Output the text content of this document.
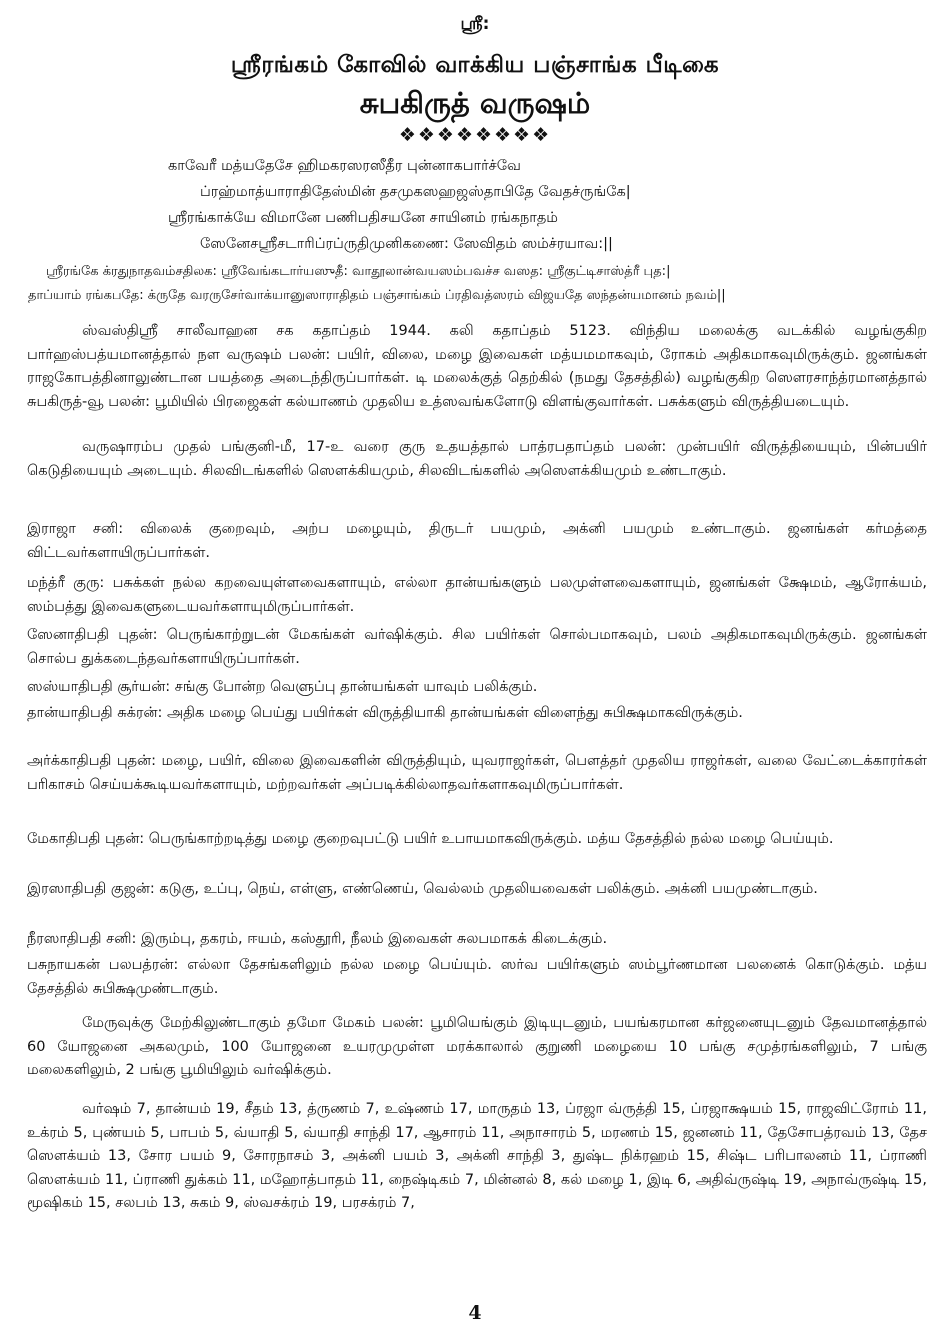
ஸ்ரீ:
ஸ்ரீரங்கம் கோவில் வாக்கிய பஞ்சாங்க பீடிகை
சுபகிருத் வருஷம்
❖❖❖❖❖❖❖❖
காவேரீ மத்யதேசே ஹிமகரஸரஸீதீர புன்னாகபார்ச்வே
ப்ரஹ்மாத்யாராதிதேஸ்மின் தசமுகஸஹஜஸ்தாபிதே வேதச்ருங்கே|
ஸ்ரீரங்காக்யே விமானே பணிபதிசயனே சாயினம் ரங்கநாதம்
ஸேனேசஸ்ரீசடாரிப்ரப்ருதிமுனிகணை: ஸேவிதம் ஸம்ச்ரயாவ:||
ஸ்ரீரங்கே க்ரதுநாதவம்சதிலக: ஸ்ரீவேங்கடார்யஸுதீ: வாதூலான்வயஸம்பவச்ச வஸத: ஸ்ரீகுட்டிசாஸ்த்ரீ புத:|
தாப்யாம் ரங்கபதே: க்ருதே வரருசேர்வாக்யானுஸாராதிதம் பஞ்சாங்கம் ப்ரதிவத்ஸரம் விஜயதே ஸந்தன்யமானம் நவம்||
ஸ்வஸ்திஸ்ரீ சாலீவாஹன சக கதாப்தம் 1944. கலி கதாப்தம் 5123. விந்திய மலைக்கு வடக்கில் வழங்குகிற பார்ஹஸ்பத்யமானத்தால் நள வருஷம் பலன்: பயிர், விலை, மழை இவைகள் மத்யமமாகவும், ரோகம் அதிகமாகவுமிருக்கும். ஜனங்கள் ராஜகோபத்தினாலுண்டான பயத்தை அடைந்திருப்பார்கள். டி மலைக்குத் தெற்கில் (நமது தேசத்தில்) வழங்குகிற ஸௌரசாந்த்ரமானத்தால் சுபகிருத்-வூ பலன்: பூமியில் பிரஜைகள் கல்யாணம் முதலிய உத்ஸவங்களோடு விளங்குவார்கள். பசுக்களும் விருத்தியடையும்.
வருஷாரம்ப முதல் பங்குனி-மீ, 17-உ வரை குரு உதயத்தால் பாத்ரபதாப்தம் பலன்: முன்பயிர் விருத்தியையும், பின்பயிர் கெடுதியையும் அடையும். சிலவிடங்களில் ஸௌக்கியமும், சிலவிடங்களில் அஸௌக்கியமும் உண்டாகும்.
இராஜா சனி: விலைக் குறைவும், அற்ப மழையும், திருடர் பயமும், அக்னி பயமும் உண்டாகும். ஜனங்கள் கர்மத்தை விட்டவர்களாயிருப்பார்கள்.
மந்த்ரீ குரு: பசுக்கள் நல்ல கறவையுள்ளவைகளாயும், எல்லா தான்யங்களும் பலமுள்ளவைகளாயும், ஜனங்கள் க்ஷேமம், ஆரோக்யம், ஸம்பத்து இவைகளுடையவர்களாயுமிருப்பார்கள்.
ஸேனாதிபதி புதன்: பெருங்காற்றுடன் மேகங்கள் வர்ஷிக்கும். சில பயிர்கள் சொல்பமாகவும், பலம் அதிகமாகவுமிருக்கும். ஜனங்கள் சொல்ப துக்கடைந்தவர்களாயிருப்பார்கள்.
ஸஸ்யாதிபதி சூர்யன்: சங்கு போன்ற வெளுப்பு தான்யங்கள் யாவும் பலிக்கும்.
தான்யாதிபதி சுக்ரன்: அதிக மழை பெய்து பயிர்கள் விருத்தியாகி தான்யங்கள் விளைந்து சுபிக்ஷமாகவிருக்கும்.
அர்க்காதிபதி புதன்: மழை, பயிர், விலை இவைகளின் விருத்தியும், யுவராஜர்கள், பௌத்தர் முதலிய ராஜர்கள், வலை வேட்டைக்காரர்கள் பரிகாசம் செய்யக்கூடியவர்களாயும், மற்றவர்கள் அப்படிக்கில்லாதவர்களாகவுமிருப்பார்கள்.
மேகாதிபதி புதன்: பெருங்காற்றடித்து மழை குறைவுபட்டு பயிர் உபாயமாகவிருக்கும். மத்ய தேசத்தில் நல்ல மழை பெய்யும்.
இரஸாதிபதி குஜன்: கடுகு, உப்பு, நெய், எள்ளு, எண்ணெய், வெல்லம் முதலியவைகள் பலிக்கும். அக்னி பயமுண்டாகும்.
நீரஸாதிபதி சனி: இரும்பு, தகரம், ஈயம், கஸ்தூரி, நீலம் இவைகள் சுலபமாகக் கிடைக்கும்.
பசுநாயகன் பலபத்ரன்: எல்லா தேசங்களிலும் நல்ல மழை பெய்யும். ஸர்வ பயிர்களும் ஸம்பூர்ணமான பலனைக் கொடுக்கும். மத்ய தேசத்தில் சுபிக்ஷமுண்டாகும்.
மேருவுக்கு மேற்கிலுண்டாகும் தமோ மேகம் பலன்: பூமியெங்கும் இடியுடனும், பயங்கரமான கர்ஜனையுடனும் தேவமானத்தால் 60 யோஜனை அகலமும், 100 யோஜனை உயரமுமுள்ள மரக்காலால் குறுணி மழையை 10 பங்கு சமுத்ரங்களிலும், 7 பங்கு மலைகளிலும், 2 பங்கு பூமியிலும் வர்ஷிக்கும்.
வர்ஷம் 7, தான்யம் 19, சீதம் 13, த்ருணம் 7, உஷ்ணம் 17, மாருதம் 13, ப்ரஜா வ்ருத்தி 15, ப்ரஜாக்ஷயம் 15, ராஜவிட்ரோம் 11, உக்ரம் 5, புண்யம் 5, பாபம் 5, வ்யாதி 5, வ்யாதி சாந்தி 17, ஆசாரம் 11, அநாசாரம் 5, மரணம் 15, ஜனனம் 11, தேசோபத்ரவம் 13, தேச ஸௌக்யம் 13, சோர பயம் 9, சோரநாசம் 3, அக்னி பயம் 3, அக்னி சாந்தி 3, துஷ்ட நிக்ரஹம் 15, சிஷ்ட பரிபாலனம் 11, ப்ராணி ஸௌக்யம் 11, ப்ராணி துக்கம் 11, மஹோத்பாதம் 11, நைஷ்டிகம் 7, மின்னல் 8, கல் மழை 1, இடி 6, அதிவ்ருஷ்டி 19, அநாவ்ருஷ்டி 15, மூஷிகம் 15, சலபம் 13, சுகம் 9, ஸ்வசக்ரம் 19, பரசக்ரம் 7,
4
